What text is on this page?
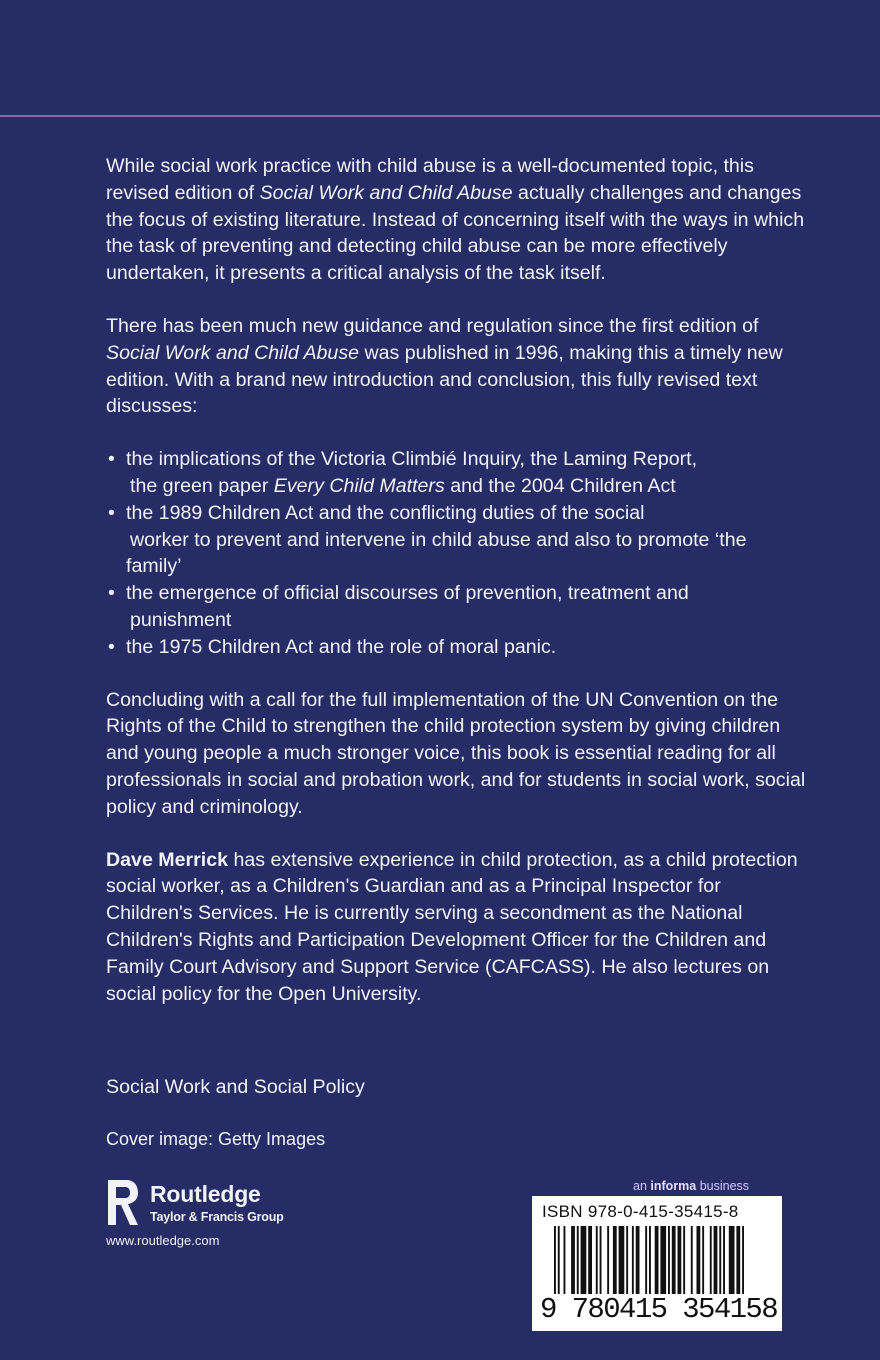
While social work practice with child abuse is a well-documented topic, this revised edition of Social Work and Child Abuse actually challenges and changes the focus of existing literature. Instead of concerning itself with the ways in which the task of preventing and detecting child abuse can be more effectively undertaken, it presents a critical analysis of the task itself.

There has been much new guidance and regulation since the first edition of Social Work and Child Abuse was published in 1996, making this a timely new edition. With a brand new introduction and conclusion, this fully revised text discusses:

• the implications of the Victoria Climbié Inquiry, the Laming Report,
the green paper Every Child Matters and the 2004 Children Act
• the 1989 Children Act and the conflicting duties of the social
worker to prevent and intervene in child abuse and also to promote ‘the family’
• the emergence of official discourses of prevention, treatment and
punishment
• the 1975 Children Act and the role of moral panic.

Concluding with a call for the full implementation of the UN Convention on the Rights of the Child to strengthen the child protection system by giving children and young people a much stronger voice, this book is essential reading for all professionals in social and probation work, and for students in social work, social policy and criminology.

Dave Merrick has extensive experience in child protection, as a child protection social worker, as a Children's Guardian and as a Principal Inspector for Children's Services. He is currently serving a secondment as the National Children's Rights and Participation Development Officer for the Children and Family Court Advisory and Support Service (CAFCASS). He also lectures on social policy for the Open University.

Social Work and Social Policy
Cover image: Getty Images
ROUTLEDGE Routledge
Taylor & Francis Group
www.routledge.com
an informa business
ISBN 978-0-415-35415-8
9 780415 354158
